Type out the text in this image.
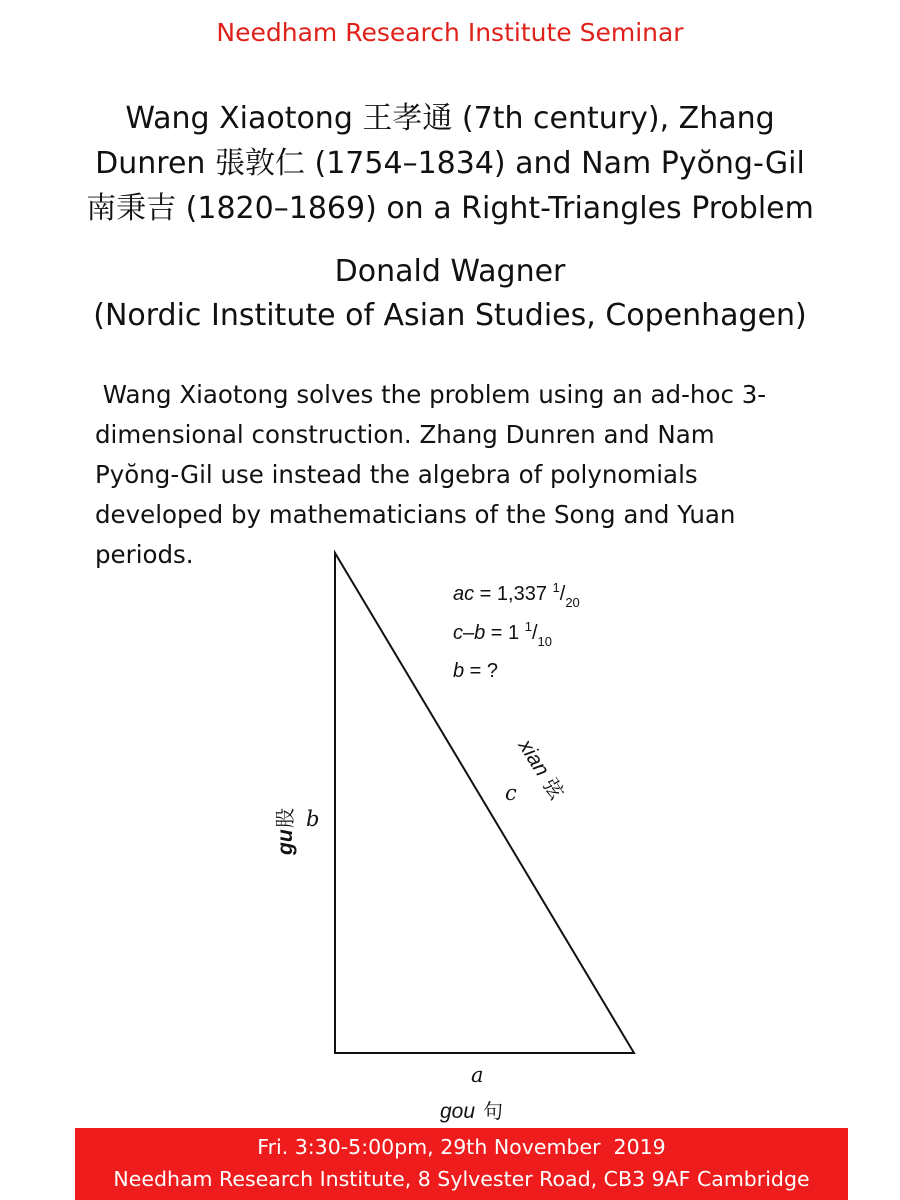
Needham Research Institute Seminar
Wang Xiaotong 王孝通 (7th century), Zhang
Dunren 張敦仁 (1754–1834) and Nam Pyŏng-Gil
南秉吉 (1820–1869) on a Right-Triangles Problem
Donald Wagner
(Nordic Institute of Asian Studies, Copenhagen)
Wang Xiaotong solves the problem using an ad-hoc 3-
dimensional construction. Zhang Dunren and Nam
Pyŏng-Gil use instead the algebra of polynomials
developed by mathematicians of the Song and Yuan
periods.
ac = 1,337 $^1/_{20}$
c–b = 1 $^1/_{10}$
b = ?
c
xian
弦
b
gu
股
a
gou 句
Fri. 3:30-5:00pm, 29th November  2019
Needham Research Institute, 8 Sylvester Road, CB3 9AF Cambridge
